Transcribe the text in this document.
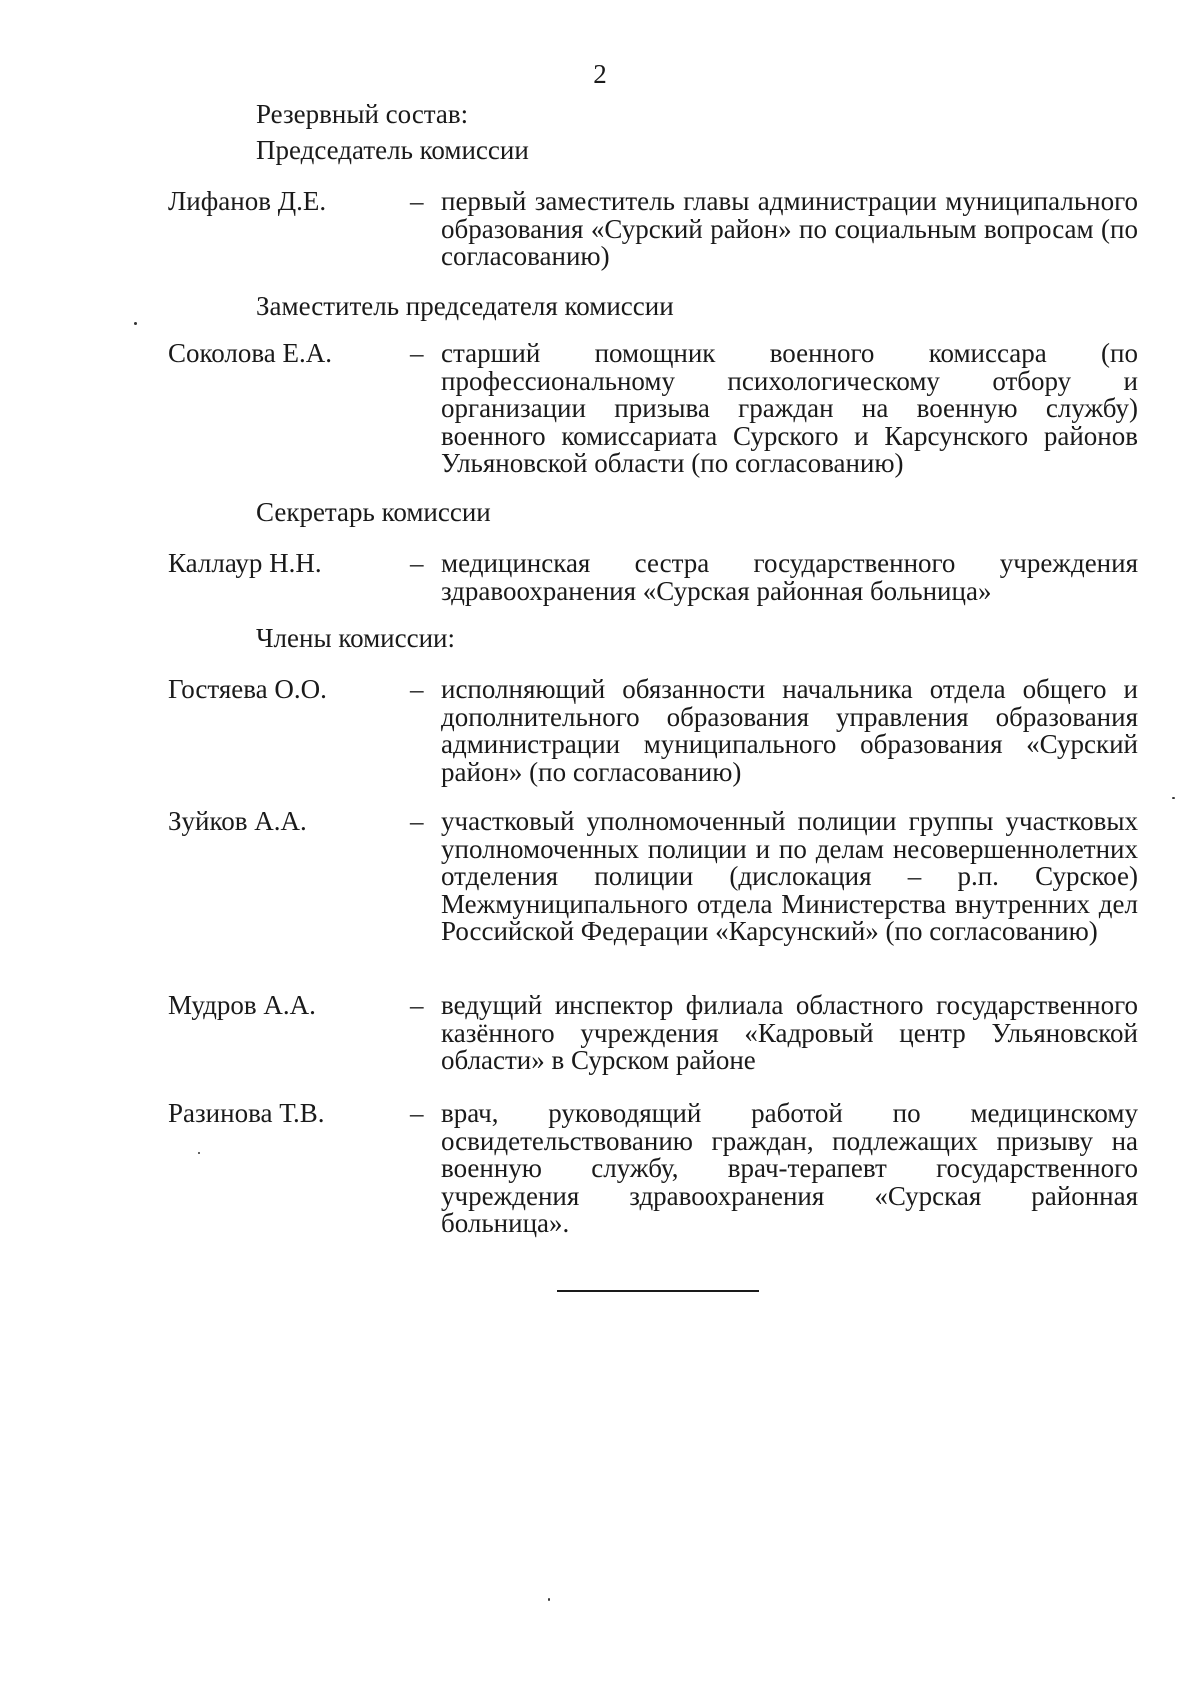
2
Резервный состав:
Председатель комиссии
Лифанов Д.Е.	– первый заместитель главы администрации муниципального образования «Сурский район» по социальным вопросам (по согласованию)
Заместитель председателя комиссии
Соколова Е.А.	– старший помощник военного комиссара (по профессиональному психологическому отбору и организации призыва граждан на военную службу) военного комиссариата Сурского и Карсунского районов Ульяновской области (по согласованию)
Секретарь комиссии
Каллаур Н.Н.	– медицинская сестра государственного учреждения здравоохранения «Сурская районная больница»
Члены комиссии:
Гостяева О.О.	– исполняющий обязанности начальника отдела общего и дополнительного образования управления образования администрации муниципального образования «Сурский район» (по согласованию)
Зуйков А.А.	– участковый уполномоченный полиции группы участковых уполномоченных полиции и по делам несовершеннолетних отделения полиции (дислокация – р.п. Сурское) Межмуниципального отдела Министерства внутренних дел Российской Федерации «Карсунский» (по согласованию)
Мудров А.А.	– ведущий инспектор филиала областного государственного казённого учреждения «Кадровый центр Ульяновской области» в Сурском районе
Разинова Т.В.	– врач, руководящий работой по медицинскому освидетельствованию граждан, подлежащих призыву на военную службу, врач-терапевт государственного учреждения здравоохранения «Сурская районная больница».
